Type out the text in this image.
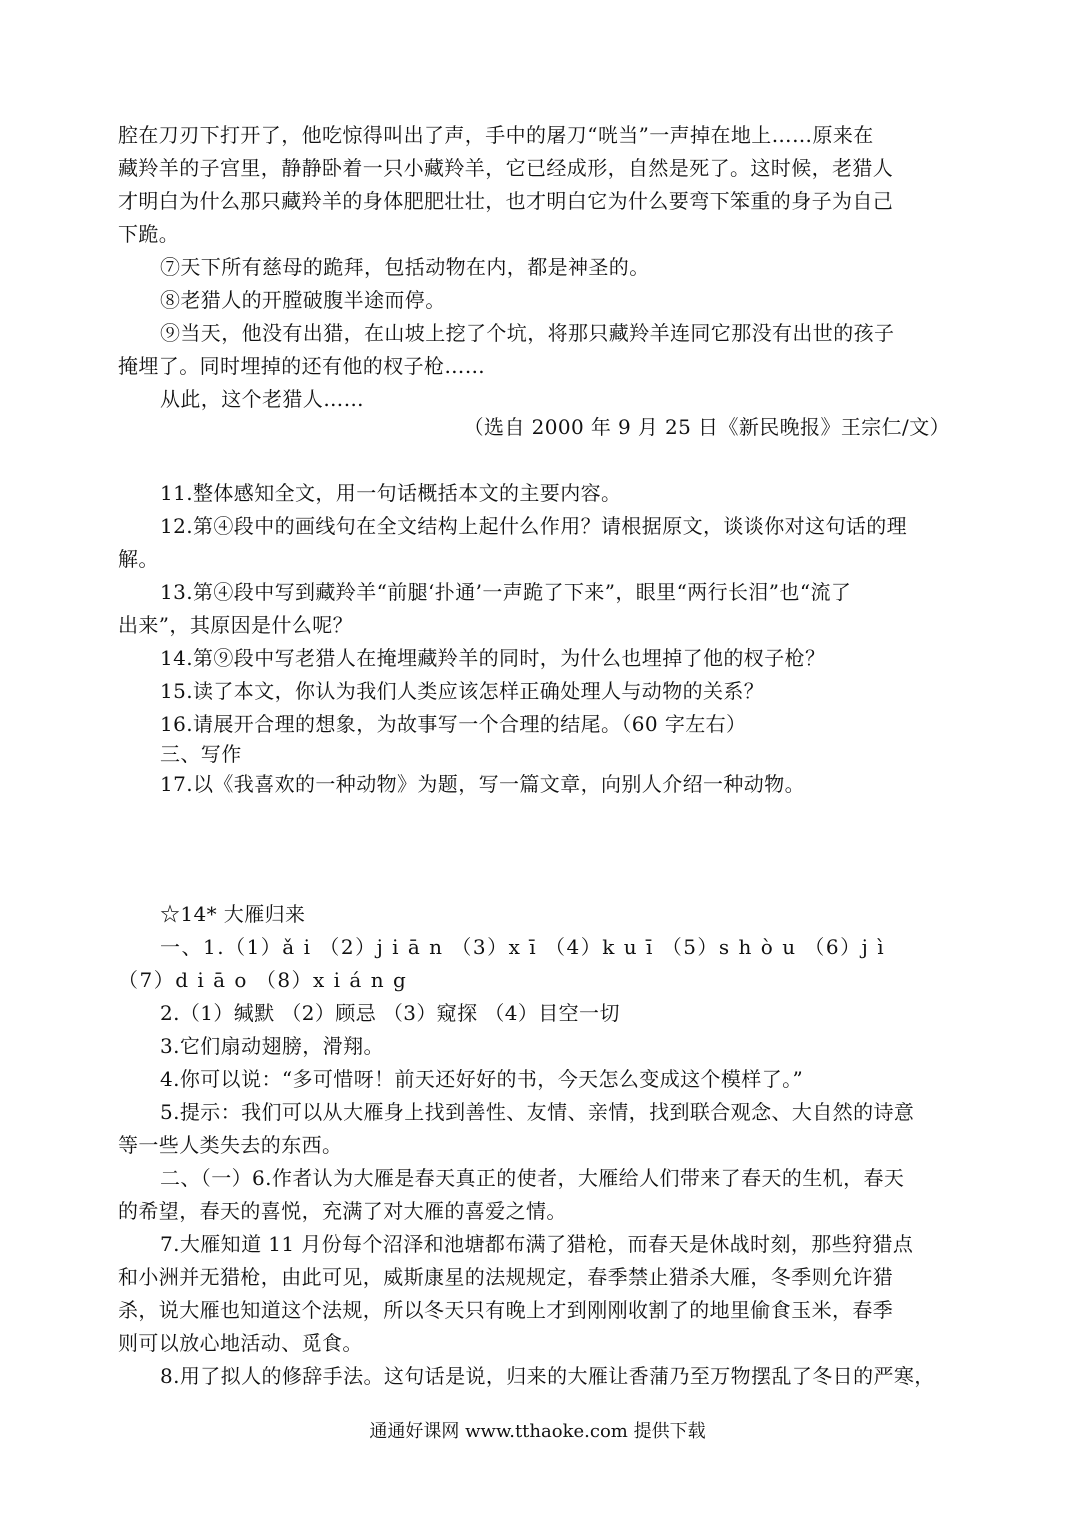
腔在刀刃下打开了，他吃惊得叫出了声，手中的屠刀“咣当”一声掉在地上……原来在
藏羚羊的子宫里，静静卧着一只小藏羚羊，它已经成形，自然是死了。这时候，老猎人
才明白为什么那只藏羚羊的身体肥肥壮壮，也才明白它为什么要弯下笨重的身子为自己
下跪。
⑦天下所有慈母的跪拜，包括动物在内，都是神圣的。
⑧老猎人的开膛破腹半途而停。
⑨当天，他没有出猎，在山坡上挖了个坑，将那只藏羚羊连同它那没有出世的孩子
掩埋了。同时埋掉的还有他的杈子枪……
从此，这个老猎人……
（选自 2000 年 9 月 25 日《新民晚报》王宗仁/文）
11.整体感知全文，用一句话概括本文的主要内容。
12.第④段中的画线句在全文结构上起什么作用？请根据原文，谈谈你对这句话的理
解。
13.第④段中写到藏羚羊“前腿‘扑通’一声跪了下来”，眼里“两行长泪”也“流了
出来”，其原因是什么呢？
14.第⑨段中写老猎人在掩埋藏羚羊的同时，为什么也埋掉了他的杈子枪？
15.读了本文，你认为我们人类应该怎样正确处理人与动物的关系？
16.请展开合理的想象，为故事写一个合理的结尾。（60 字左右）
三、写作
17.以《我喜欢的一种动物》为题，写一篇文章，向别人介绍一种动物。
☆14* 大雁归来
一、1.（1）ǎ i （2）j i ā n （3）x ī （4）k u ī （5）s h ò u （6）j ì
（7）d i ā o （8）x i á n g
2.（1）缄默 （2）顾忌 （3）窥探 （4）目空一切
3.它们扇动翅膀，滑翔。
4.你可以说：“多可惜呀！前天还好好的书，今天怎么变成这个模样了。”
5.提示：我们可以从大雁身上找到善性、友情、亲情，找到联合观念、大自然的诗意
等一些人类失去的东西。
二、（一）6.作者认为大雁是春天真正的使者，大雁给人们带来了春天的生机，春天
的希望，春天的喜悦，充满了对大雁的喜爱之情。
7.大雁知道 11 月份每个沼泽和池塘都布满了猎枪，而春天是休战时刻，那些狩猎点
和小洲并无猎枪，由此可见，威斯康星的法规规定，春季禁止猎杀大雁，冬季则允许猎
杀，说大雁也知道这个法规，所以冬天只有晚上才到刚刚收割了的地里偷食玉米，春季
则可以放心地活动、觅食。
8.用了拟人的修辞手法。这句话是说，归来的大雁让香蒲乃至万物摆乱了冬日的严寒，
通通好课网 www.tthaoke.com 提供下载
